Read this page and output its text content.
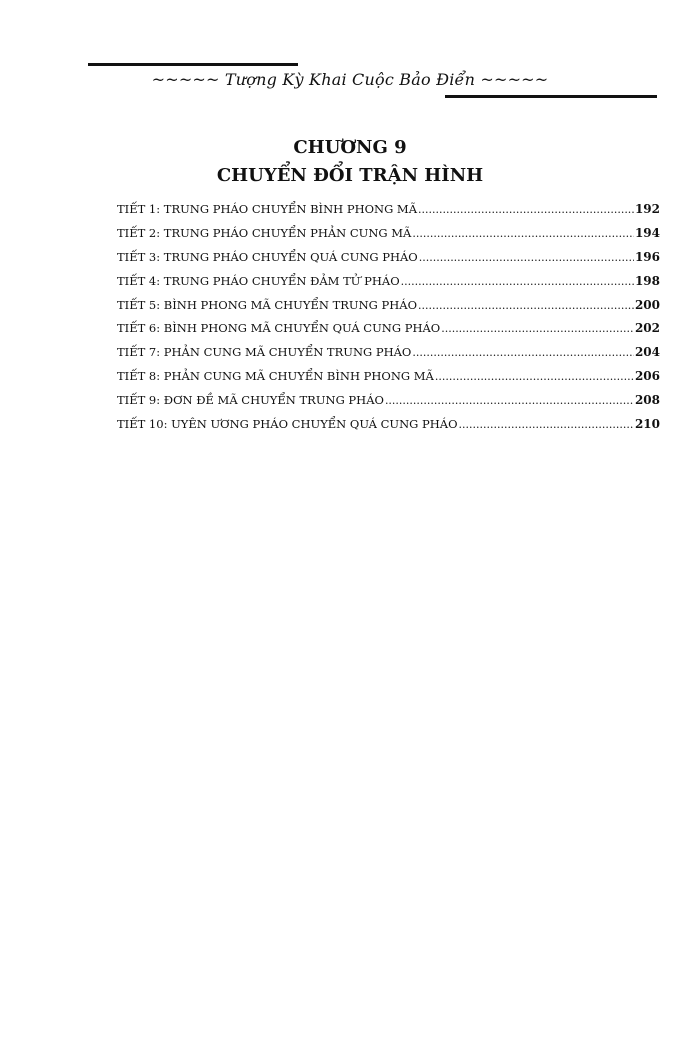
~~~~~ Tượng Kỳ Khai Cuộc Bảo Điển ~~~~~
CHƯƠNG 9
CHUYỂN ĐỔI TRẬN HÌNH
TIẾT 1: TRUNG PHÁO CHUYỂN BÌNH PHONG MÃ .....	192
TIẾT 2: TRUNG PHÁO CHUYỂN PHẢN CUNG MÃ .....	194
TIẾT 3: TRUNG PHÁO CHUYỂN QUÁ CUNG PHÁO .....	196
TIẾT 4: TRUNG PHÁO CHUYỂN ĐẢM TỬ PHÁO .....	198
TIẾT 5: BÌNH PHONG MÃ CHUYỂN TRUNG PHÁO .....	200
TIẾT 6: BÌNH PHONG MÃ CHUYỂN QUÁ CUNG PHÁO .....	202
TIẾT 7: PHẢN CUNG MÃ CHUYỂN TRUNG PHÁO .....	204
TIẾT 8: PHẢN CUNG MÃ CHUYỂN BÌNH PHONG MÃ .....	206
TIẾT 9: ĐƠN ĐỀ MÃ CHUYỂN TRUNG PHÁO .....	208
TIẾT 10: UYÊN ƯƠNG PHÁO CHUYỂN QUÁ CUNG PHÁO .....	210
